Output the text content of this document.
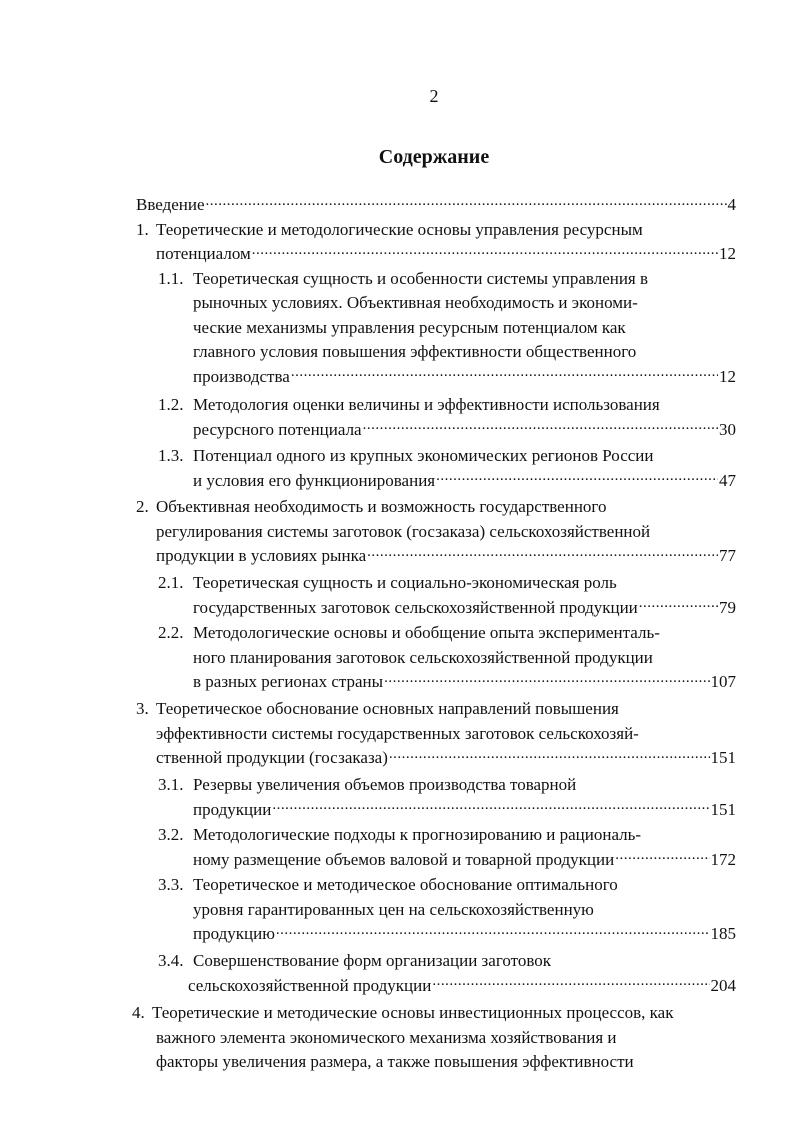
2
Содержание
Введение .....	4
1. Теоретические и методологические основы управления ресурсным
потенциалом .....	12
1.1. Теоретическая сущность и особенности системы управления в
рыночных условиях. Объективная необходимость и экономи-
ческие механизмы управления ресурсным потенциалом как
главного условия повышения эффективности общественного
производства .....	12
1.2. Методология оценки величины и эффективности использования
ресурсного потенциала .....	30
1.3. Потенциал одного из крупных экономических регионов России
и условия его функционирования .....	47
2. Объективная необходимость и возможность государственного
регулирования системы заготовок (госзаказа) сельскохозяйственной
продукции в условиях рынка .....	77
2.1. Теоретическая сущность и социально-экономическая роль
государственных заготовок сельскохозяйственной продукции .....	79
2.2. Методологические основы и обобщение опыта эксперименталь-
ного планирования заготовок сельскохозяйственной продукции
в разных регионах страны .....	107
3. Теоретическое обоснование основных направлений повышения
эффективности системы государственных заготовок сельскохозяй-
ственной продукции (госзаказа) .....	151
3.1. Резервы увеличения объемов производства товарной
продукции .....	151
3.2. Методологические подходы к прогнозированию и рациональ-
ному размещение объемов валовой и товарной продукции .....	172
3.3. Теоретическое и методическое обоснование оптимального
уровня гарантированных цен на сельскохозяйственную
продукцию .....	185
3.4. Совершенствование форм организации заготовок
сельскохозяйственной продукции .....	204
4. Теоретические и методические основы инвестиционных процессов, как
важного элемента экономического механизма хозяйствования и
факторы увеличения размера, а также повышения эффективности
